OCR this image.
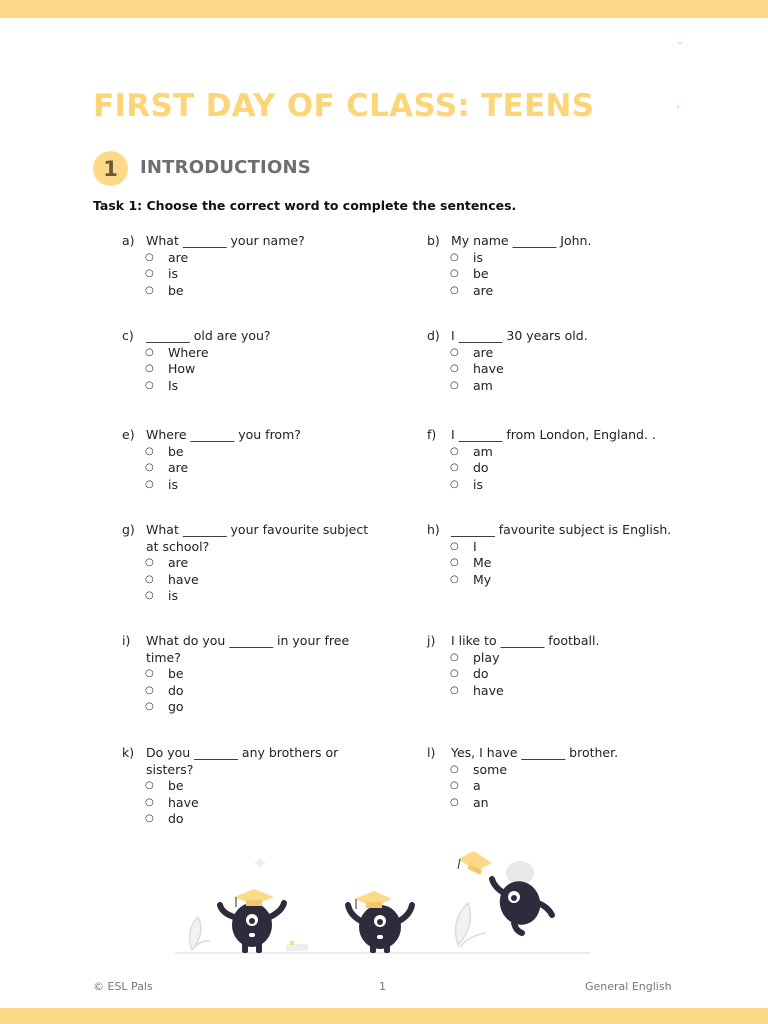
FIRST DAY OF CLASS: TEENS
1	INTRODUCTIONS
Task 1: Choose the correct word to complete the sentences.
a) What _______ your name?
○	are
○	is
○	be
b) My name _______ John.
○	is
○	be
○	are
c) _______ old are you?
○	Where
○	How
○	Is
d) I _______ 30 years old.
○	are
○	have
○	am
e) Where _______ you from?
○	be
○	are
○	is
f)	I _______ from London, England. .
○	am
○	do
○	is
g) What _______ your favourite subject at school?
○	are
○	have
○	is
h) _______ favourite subject is English.
○	I
○	Me
○	My
i)	What do you _______ in your free time?
○	be
○	do
○	go
j)	I like to _______ football.
○	play
○	do
○	have
k) Do you _______ any brothers or sisters?
○	be
○	have
○	do
l)	Yes, I have _______ brother.
○	some
○	a
○	an
© ESL Pals	1	General English
